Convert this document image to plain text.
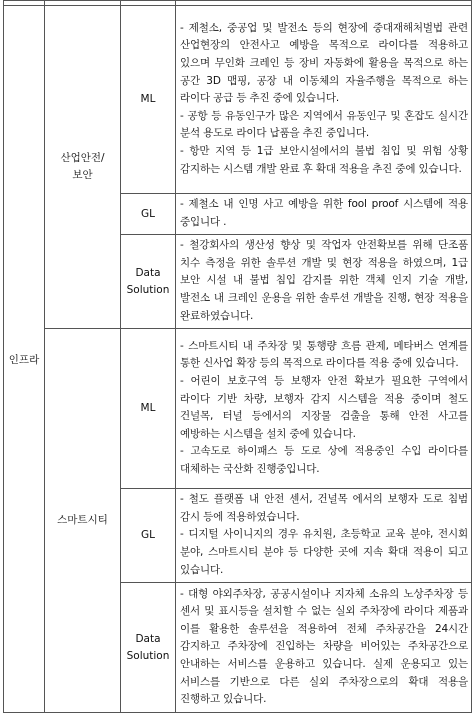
인프라	산업안전/ 보안	ML	- 제철소, 중공업 및 발전소 등의 현장에 중대재해처벌법 관련 산업현장의 안전사고 예방을 목적으로 라이다를 적용하고 있으며 무인화 크레인 등 장비 자동화에 활용을 목적으로 하는 공간 3D 맵핑, 공장 내 이동체의 자율주행을 목적으로 하는 라이다 공급 등 추진 중에 있습니다.
- 공항 등 유동인구가 많은 지역에서 유동인구 및 혼잡도 실시간 분석 용도로 라이다 납품을 추진 중입니다.
- 항만 지역 등 1급 보안시설에서의 불법 침입 및 위험 상황 감지하는 시스템 개발 완료 후 확대 적용을 추진 중에 있습니다.

		GL	- 제철소 내 인명 사고 예방을 위한 fool proof 시스템에 적용 중입니다 .

		Data Solution	- 철강회사의 생산성 향상 및 작업자 안전확보를 위해 단조품 치수 측정을 위한 솔루션 개발 및 현장 적용을 하였으며, 1급 보안 시설 내 불법 침입 감지를 위한 객체 인지 기술 개발, 발전소 내 크레인 운용을 위한 솔루션 개발을 진행, 현장 적용을 완료하였습니다.

	스마트시티	ML	- 스마트시티 내 주차장 및 통행량 흐름 관제, 메타버스 연계를 통한 신사업 확장 등의 목적으로 라이다를 적용 중에 있습니다.
- 어린이 보호구역 등 보행자 안전 확보가 필요한 구역에서 라이다 기반 차량, 보행자 감지 시스템을 적용 중이며 철도 건널목, 터널 등에서의 지장물 검출을 통해 안전 사고를 예방하는 시스템을 설치 중에 있습니다.
- 고속도로 하이패스 등 도로 상에 적용중인 수입 라이다를 대체하는 국산화 진행중입니다.

		GL	- 철도 플랫폼 내 안전 센서, 건널목 에서의 보행자 도로 침범 감시 등에 적용하였습니다.
- 디지털 사이니지의 경우 유치원, 초등학교 교육 분야, 전시회 분야, 스마트시티 분야 등 다양한 곳에 지속 확대 적용이 되고 있습니다.

		Data Solution	- 대형 야외주차장, 공공시설이나 지자체 소유의 노상주차장 등 센서 및 표시등을 설치할 수 없는 실외 주차장에 라이다 제품과 이를 활용한 솔루션을 적용하여 전체 주차공간을 24시간 감지하고 주차장에 진입하는 차량을 비어있는 주차공간으로 안내하는 서비스를 운용하고 있습니다. 실제 운용되고 있는 서비스를 기반으로 다른 실외 주차장으로의 확대 적용을 진행하고 있습니다.
